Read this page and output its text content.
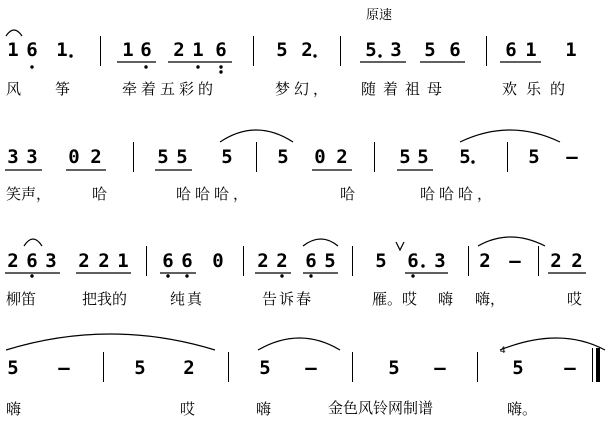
原速
1 6 1	1 6 2 1 6	5 2	5 3 5 6 6 1 1
风 筝	牵着五彩的	梦幻， 随着祖母	欢乐的
3 3 0 2	5 5 5 5 0 2	5 5 5	5 –
笑声，	哈	哈哈哈，	哈	哈哈哈，
2 6 3 2 2 1 6 6 0 2 2 6 5 5 6 3 2 – 2 2
柳笛	把我的	纯真	告诉春	雁。哎 嗨 嗨，	哎
5 –	5 2	5 –	5 –
4
5 –
嗨	哎	嗨	嗨。
金色风铃网制谱
